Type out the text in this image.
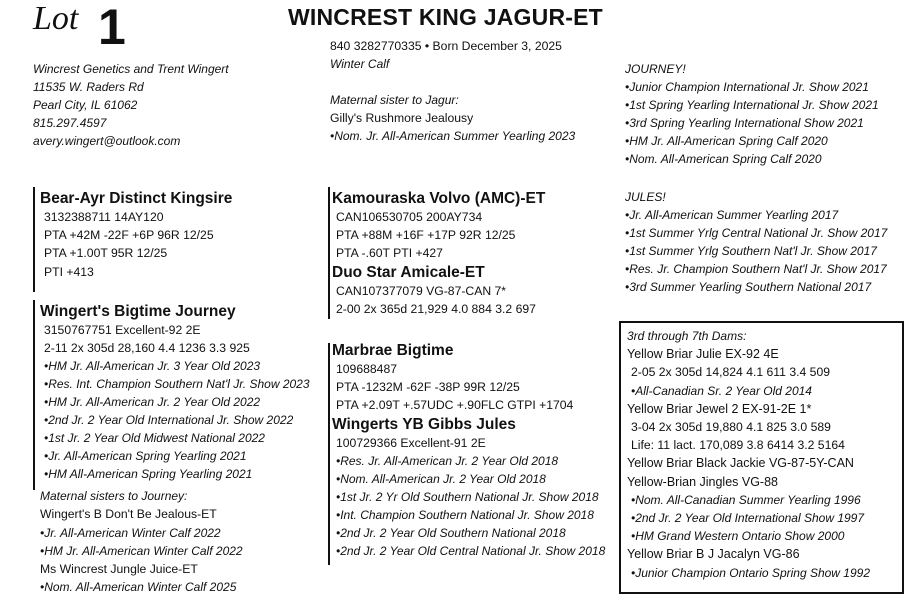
Lot 1	WINCREST KING JAGUR-ET
Wincrest Genetics and Trent Wingert
11535 W. Raders Rd
Pearl City, IL 61062
815.297.4597
avery.wingert@outlook.com
840 3282770335 • Born December 3, 2025
Winter Calf
Maternal sister to Jagur:
Gilly's Rushmore Jealousy
•Nom. Jr. All-American Summer Yearling 2023
JOURNEY!
•Junior Champion International Jr. Show 2021
•1st Spring Yearling International Jr. Show 2021
•3rd Spring Yearling International Show 2021
•HM Jr. All-American Spring Calf 2020
•Nom. All-American Spring Calf 2020
JULES!
•Jr. All-American Summer Yearling 2017
•1st Summer Yrlg Central National Jr. Show 2017
•1st Summer Yrlg Southern Nat'l Jr. Show 2017
•Res. Jr. Champion Southern Nat'l Jr. Show 2017
•3rd Summer Yearling Southern National 2017
Bear-Ayr Distinct Kingsire
3132388711 14AY120
PTA +42M -22F +6P 96R 12/25
PTA +1.00T 95R 12/25
PTI +413
Wingert's Bigtime Journey
3150767751 Excellent-92 2E
2-11 2x 305d 28,160 4.4 1236 3.3 925
•HM Jr. All-American Jr. 3 Year Old 2023
•Res. Int. Champion Southern Nat'l Jr. Show 2023
•HM Jr. All-American Jr. 2 Year Old 2022
•2nd Jr. 2 Year Old International Jr. Show 2022
•1st Jr. 2 Year Old Midwest National 2022
•Jr. All-American Spring Yearling 2021
•HM All-American Spring Yearling 2021
Maternal sisters to Journey:
Wingert's B Don't Be Jealous-ET
•Jr. All-American Winter Calf 2022
•HM Jr. All-American Winter Calf 2022
Ms Wincrest Jungle Juice-ET
•Nom. All-American Winter Calf 2025
Kamouraska Volvo (AMC)-ET
CAN106530705 200AY734
PTA +88M +16F +17P 92R 12/25
PTA -.60T PTI +427
Duo Star Amicale-ET
CAN107377079 VG-87-CAN 7*
2-00 2x 365d 21,929 4.0 884 3.2 697
Marbrae Bigtime
109688487
PTA -1232M -62F -38P 99R 12/25
PTA +2.09T +.57UDC +.90FLC GTPI +1704
Wingerts YB Gibbs Jules
100729366 Excellent-91 2E
•Res. Jr. All-American Jr. 2 Year Old 2018
•Nom. All-American Jr. 2 Year Old 2018
•1st Jr. 2 Yr Old Southern National Jr. Show 2018
•Int. Champion Southern National Jr. Show 2018
•2nd Jr. 2 Year Old Southern National 2018
•2nd Jr. 2 Year Old Central National Jr. Show 2018
3rd through 7th Dams:
Yellow Briar Julie EX-92 4E
2-05 2x 305d 14,824 4.1 611 3.4 509
•All-Canadian Sr. 2 Year Old 2014
Yellow Briar Jewel 2 EX-91-2E 1*
3-04 2x 305d 19,880 4.1 825 3.0 589
Life: 11 lact. 170,089 3.8 6414 3.2 5164
Yellow Briar Black Jackie VG-87-5Y-CAN
Yellow-Brian Jingles VG-88
•Nom. All-Canadian Summer Yearling 1996
•2nd Jr. 2 Year Old International Show 1997
•HM Grand Western Ontario Show 2000
Yellow Briar B J Jacalyn VG-86
•Junior Champion Ontario Spring Show 1992
